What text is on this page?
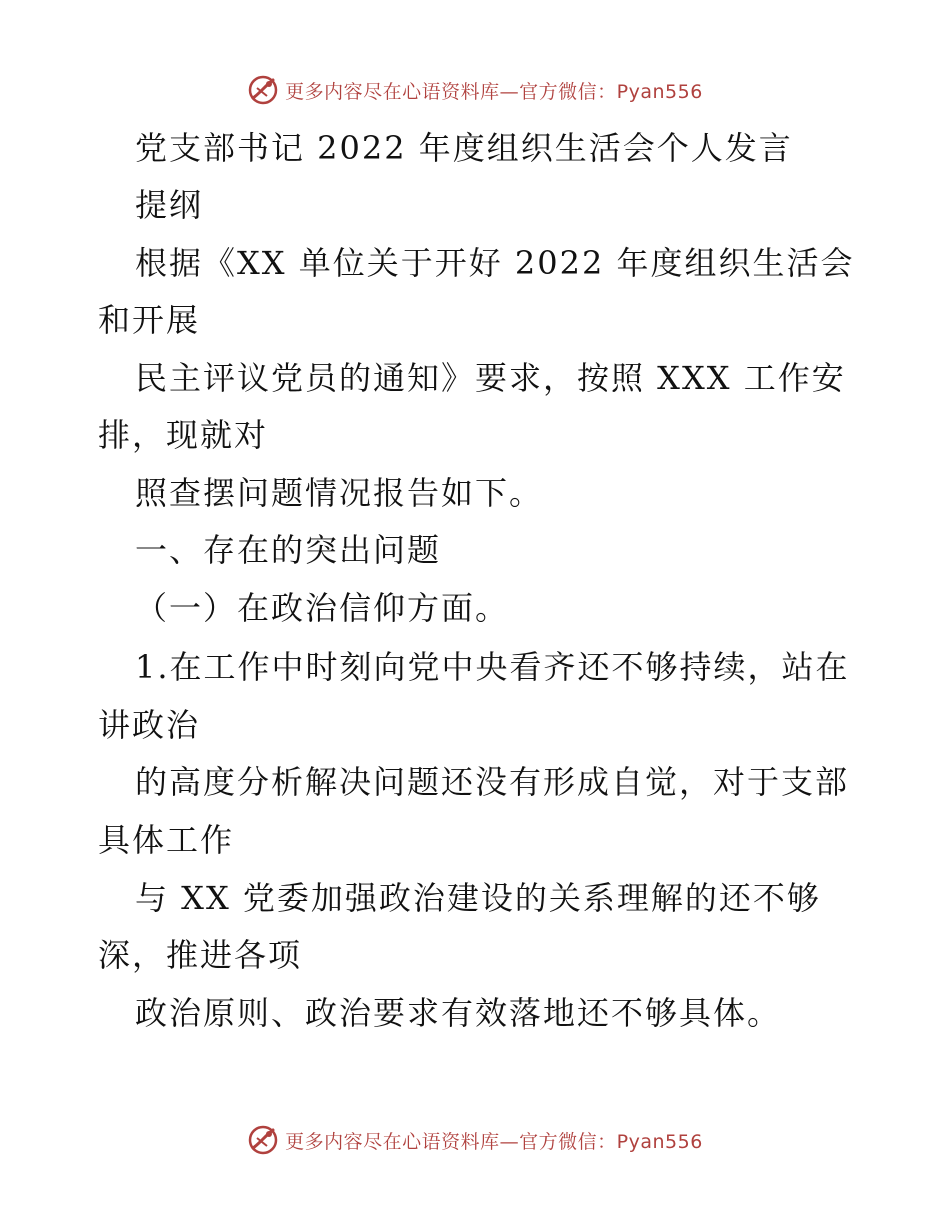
更多内容尽在心语资料库—官方微信：Pyan556
党支部书记 2022 年度组织生活会个人发言
提纲
根据《XX 单位关于开好 2022 年度组织生活会
和开展
民主评议党员的通知》要求，按照 XXX 工作安
排，现就对
照查摆问题情况报告如下。
一、存在的突出问题
（一）在政治信仰方面。
1.在工作中时刻向党中央看齐还不够持续，站在
讲政治
的高度分析解决问题还没有形成自觉，对于支部
具体工作
与 XX 党委加强政治建设的关系理解的还不够
深，推进各项
政治原则、政治要求有效落地还不够具体。
更多内容尽在心语资料库—官方微信：Pyan556
